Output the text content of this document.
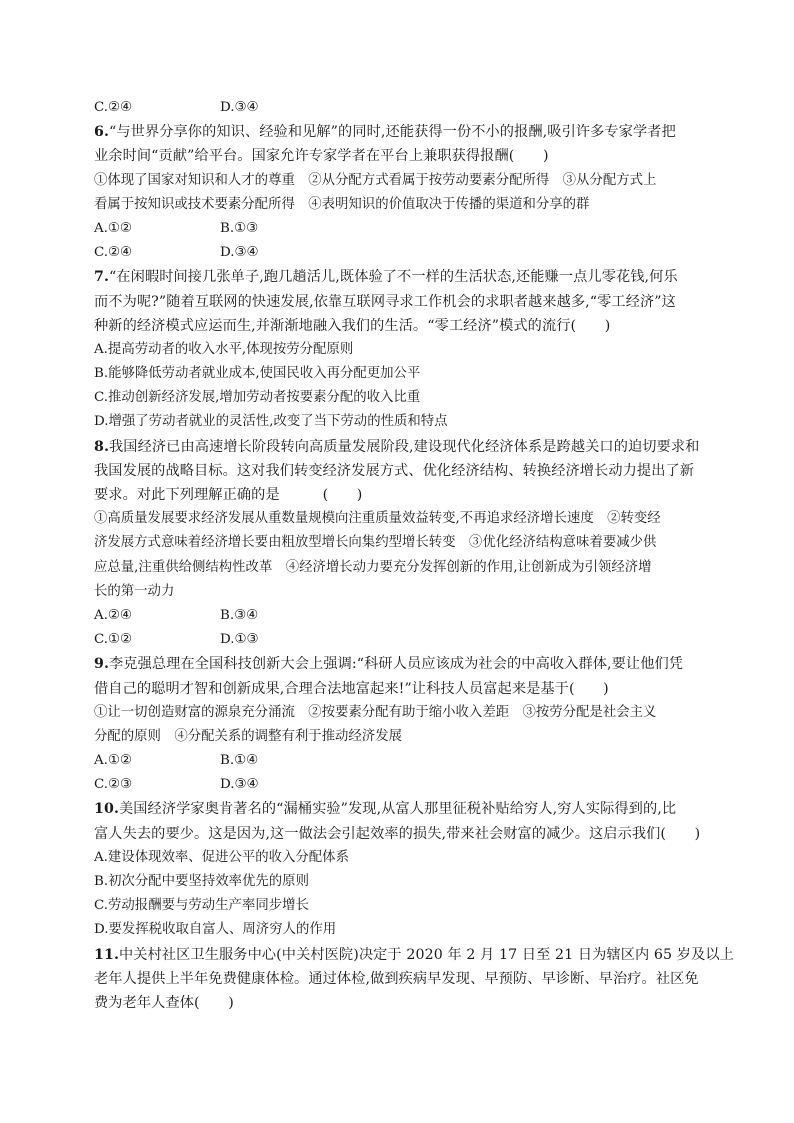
C.②④	D.③④
6.“与世界分享你的知识、经验和见解”的同时,还能获得一份不小的报酬,吸引许多专家学者把
业余时间“贡献”给平台。国家允许专家学者在平台上兼职获得报酬(　　)
①体现了国家对知识和人才的尊重　②从分配方式看属于按劳动要素分配所得　③从分配方式上
看属于按知识或技术要素分配所得　④表明知识的价值取决于传播的渠道和分享的群
A.①②	B.①③
C.②④	D.③④
7.“在闲暇时间接几张单子,跑几趟活儿,既体验了不一样的生活状态,还能赚一点儿零花钱,何乐
而不为呢?”随着互联网的快速发展,依靠互联网寻求工作机会的求职者越来越多,“零工经济”这
种新的经济模式应运而生,并渐渐地融入我们的生活。“零工经济”模式的流行(　　)
A.提高劳动者的收入水平,体现按劳分配原则
B.能够降低劳动者就业成本,使国民收入再分配更加公平
C.推动创新经济发展,增加劳动者按要素分配的收入比重
D.增强了劳动者就业的灵活性,改变了当下劳动的性质和特点
8.我国经济已由高速增长阶段转向高质量发展阶段,建设现代化经济体系是跨越关口的迫切要求和
我国发展的战略目标。这对我们转变经济发展方式、优化经济结构、转换经济增长动力提出了新
要求。对此下列理解正确的是　　　(　　)
①高质量发展要求经济发展从重数量规模向注重质量效益转变,不再追求经济增长速度　②转变经
济发展方式意味着经济增长要由粗放型增长向集约型增长转变　③优化经济结构意味着要减少供
应总量,注重供给侧结构性改革　④经济增长动力要充分发挥创新的作用,让创新成为引领经济增
长的第一动力
A.②④	B.③④
C.①②	D.①③
9.李克强总理在全国科技创新大会上强调:“科研人员应该成为社会的中高收入群体,要让他们凭
借自己的聪明才智和创新成果,合理合法地富起来!”让科技人员富起来是基于(　　)
①让一切创造财富的源泉充分涌流　②按要素分配有助于缩小收入差距　③按劳分配是社会主义
分配的原则　④分配关系的调整有利于推动经济发展
A.①②	B.①④
C.②③	D.③④
10.美国经济学家奥肯著名的“漏桶实验”发现,从富人那里征税补贴给穷人,穷人实际得到的,比
富人失去的要少。这是因为,这一做法会引起效率的损失,带来社会财富的减少。这启示我们(　　)
A.建设体现效率、促进公平的收入分配体系
B.初次分配中要坚持效率优先的原则
C.劳动报酬要与劳动生产率同步增长
D.要发挥税收取自富人、周济穷人的作用
11.中关村社区卫生服务中心(中关村医院)决定于 2020 年 2 月 17 日至 21 日为辖区内 65 岁及以上
老年人提供上半年免费健康体检。通过体检,做到疾病早发现、早预防、早诊断、早治疗。社区免
费为老年人查体(　　)
